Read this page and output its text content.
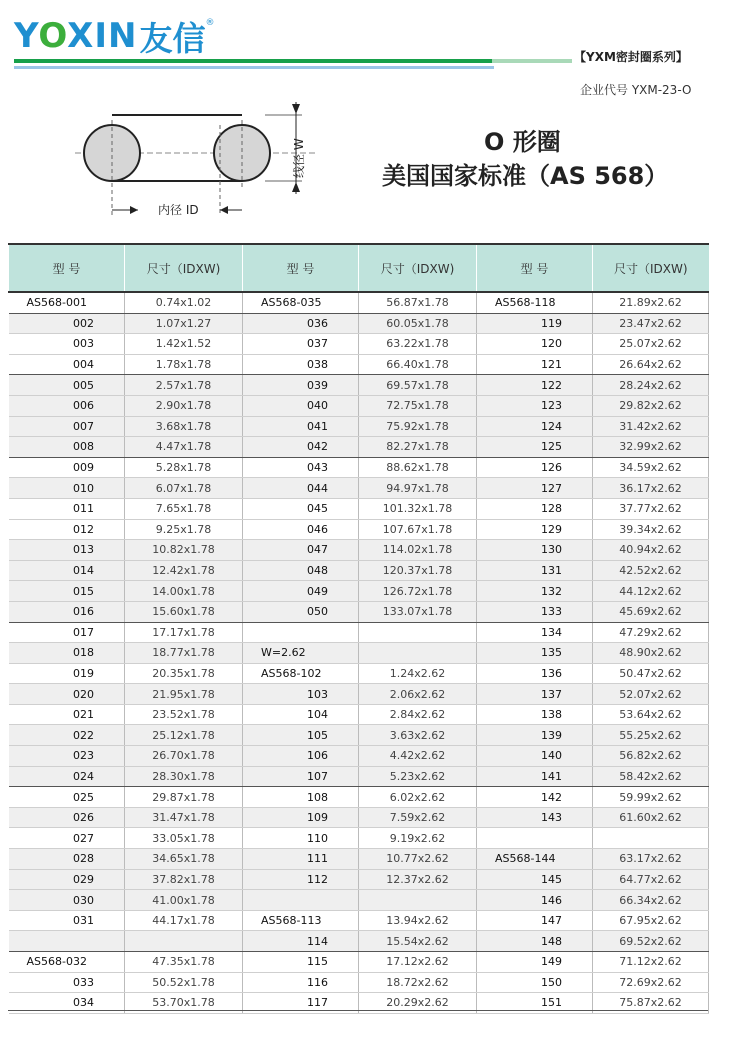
YOXIN 友信 ®
【YXM密封圈系列】
企业代号 YXM-23-O
内径 ID
线径 W	O 形圈
美国国家标准（AS 568）
型 号	尺寸（IDXW)	型 号	尺寸（IDXW)	型 号	尺寸（IDXW)
AS568-001	0.74x1.02	AS568-035	56.87x1.78	AS568-118	21.89x2.62
002	1.07x1.27	036	60.05x1.78	119	23.47x2.62
003	1.42x1.52	037	63.22x1.78	120	25.07x2.62
004	1.78x1.78	038	66.40x1.78	121	26.64x2.62
005	2.57x1.78	039	69.57x1.78	122	28.24x2.62
006	2.90x1.78	040	72.75x1.78	123	29.82x2.62
007	3.68x1.78	041	75.92x1.78	124	31.42x2.62
008	4.47x1.78	042	82.27x1.78	125	32.99x2.62
009	5.28x1.78	043	88.62x1.78	126	34.59x2.62
010	6.07x1.78	044	94.97x1.78	127	36.17x2.62
011	7.65x1.78	045	101.32x1.78	128	37.77x2.62
012	9.25x1.78	046	107.67x1.78	129	39.34x2.62
013	10.82x1.78	047	114.02x1.78	130	40.94x2.62
014	12.42x1.78	048	120.37x1.78	131	42.52x2.62
015	14.00x1.78	049	126.72x1.78	132	44.12x2.62
016	15.60x1.78	050	133.07x1.78	133	45.69x2.62
017	17.17x1.78			134	47.29x2.62
018	18.77x1.78	W=2.62		135	48.90x2.62
019	20.35x1.78	AS568-102	1.24x2.62	136	50.47x2.62
020	21.95x1.78	103	2.06x2.62	137	52.07x2.62
021	23.52x1.78	104	2.84x2.62	138	53.64x2.62
022	25.12x1.78	105	3.63x2.62	139	55.25x2.62
023	26.70x1.78	106	4.42x2.62	140	56.82x2.62
024	28.30x1.78	107	5.23x2.62	141	58.42x2.62
025	29.87x1.78	108	6.02x2.62	142	59.99x2.62
026	31.47x1.78	109	7.59x2.62	143	61.60x2.62
027	33.05x1.78	110	9.19x2.62		
028	34.65x1.78	111	10.77x2.62	AS568-144	63.17x2.62
029	37.82x1.78	112	12.37x2.62	145	64.77x2.62
030	41.00x1.78			146	66.34x2.62
031	44.17x1.78	AS568-113	13.94x2.62	147	67.95x2.62
		114	15.54x2.62	148	69.52x2.62
AS568-032	47.35x1.78	115	17.12x2.62	149	71.12x2.62
033	50.52x1.78	116	18.72x2.62	150	72.69x2.62
034	53.70x1.78	117	20.29x2.62	151	75.87x2.62
